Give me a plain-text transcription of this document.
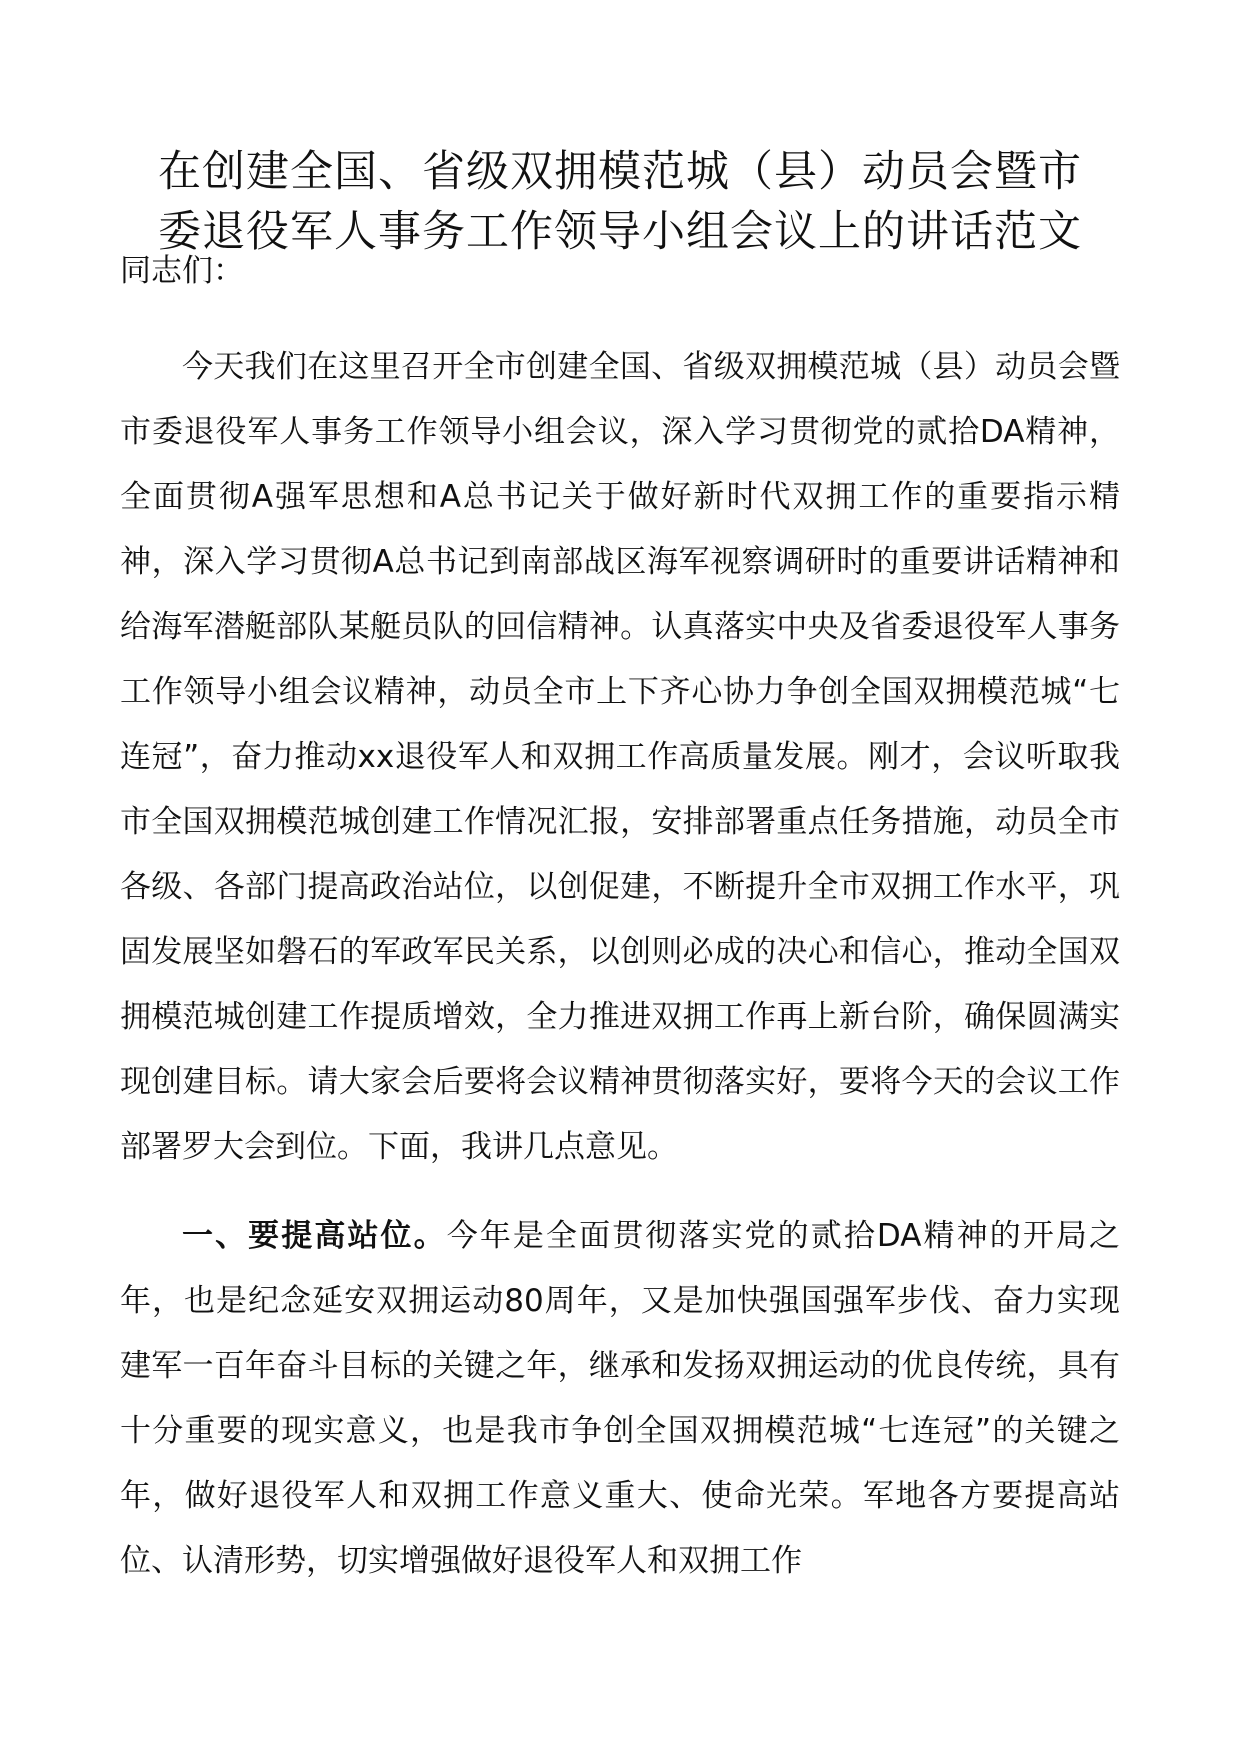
在创建全国、省级双拥模范城（县）动员会暨市
委退役军人事务工作领导小组会议上的讲话范文

同志们：

今天我们在这里召开全市创建全国、省级双拥模范城（县）动员会暨市委退役军人事务工作领导小组会议，深入学习贯彻党的贰拾DA精神，全面贯彻A强军思想和A总书记关于做好新时代双拥工作的重要指示精神，深入学习贯彻A总书记到南部战区海军视察调研时的重要讲话精神和给海军潜艇部队某艇员队的回信精神。认真落实中央及省委退役军人事务工作领导小组会议精神，动员全市上下齐心协力争创全国双拥模范城“七连冠”，奋力推动xx退役军人和双拥工作高质量发展。刚才，会议听取我市全国双拥模范城创建工作情况汇报，安排部署重点任务措施，动员全市各级、各部门提高政治站位，以创促建，不断提升全市双拥工作水平，巩固发展坚如磐石的军政军民关系，以创则必成的决心和信心，推动全国双拥模范城创建工作提质增效，全力推进双拥工作再上新台阶，确保圆满实现创建目标。请大家会后要将会议精神贯彻落实好，要将今天的会议工作部署罗大会到位。下面，我讲几点意见。

一、要提高站位。今年是全面贯彻落实党的贰拾DA精神的开局之年，也是纪念延安双拥运动80周年，又是加快强国强军步伐、奋力实现建军一百年奋斗目标的关键之年，继承和发扬双拥运动的优良传统，具有十分重要的现实意义，也是我市争创全国双拥模范城“七连冠”的关键之年，做好退役军人和双拥工作意义重大、使命光荣。军地各方要提高站位、认清形势，切实增强做好退役军人和双拥工作
